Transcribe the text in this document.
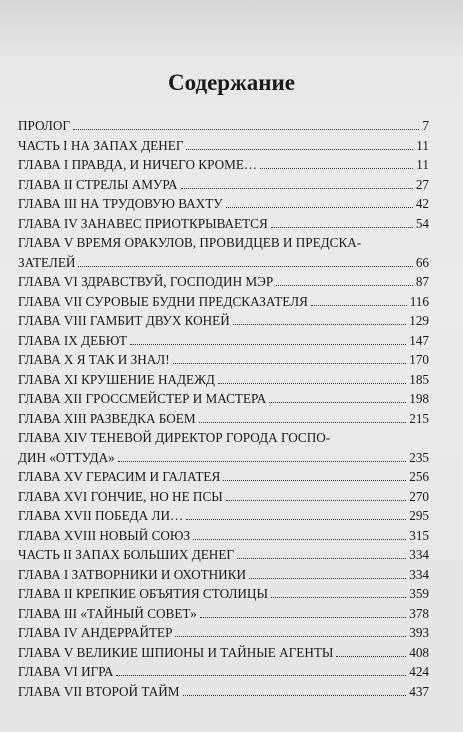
Содержание
ПРОЛОГ	7
ЧАСТЬ I НА ЗАПАХ ДЕНЕГ	11
ГЛАВА I ПРАВДА, И НИЧЕГО КРОМЕ…	11
ГЛАВА II СТРЕЛЫ АМУРА	27
ГЛАВА III НА ТРУДОВУЮ ВАХТУ	42
ГЛАВА IV ЗАНАВЕС ПРИОТКРЫВАЕТСЯ	54
ГЛАВА V ВРЕМЯ ОРАКУЛОВ, ПРОВИДЦЕВ И ПРЕДСКА-
ЗАТЕЛЕЙ	66
ГЛАВА VI ЗДРАВСТВУЙ, ГОСПОДИН МЭР	87
ГЛАВА VII СУРОВЫЕ БУДНИ ПРЕДСКАЗАТЕЛЯ	116
ГЛАВА VIII ГАМБИТ ДВУХ КОНЕЙ	129
ГЛАВА IX ДЕБЮТ	147
ГЛАВА X Я ТАК И ЗНАЛ!	170
ГЛАВА XI КРУШЕНИЕ НАДЕЖД	185
ГЛАВА XII ГРОССМЕЙСТЕР И МАСТЕРА	198
ГЛАВА XIII РАЗВЕДКА БОЕМ	215
ГЛАВА XIV ТЕНЕВОЙ ДИРЕКТОР ГОРОДА ГОСПО-
ДИН «ОТТУДА»	235
ГЛАВА XV ГЕРАСИМ И ГАЛАТЕЯ	256
ГЛАВА XVI ГОНЧИЕ, НО НЕ ПСЫ	270
ГЛАВА XVII ПОБЕДА ЛИ…	295
ГЛАВА XVIII НОВЫЙ СОЮЗ	315
ЧАСТЬ II ЗАПАХ БОЛЬШИХ ДЕНЕГ	334
ГЛАВА I ЗАТВОРНИКИ И ОХОТНИКИ	334
ГЛАВА II КРЕПКИЕ ОБЪЯТИЯ СТОЛИЦЫ	359
ГЛАВА III «ТАЙНЫЙ СОВЕТ»	378
ГЛАВА IV АНДЕРРАЙТЕР	393
ГЛАВА V ВЕЛИКИЕ ШПИОНЫ И ТАЙНЫЕ АГЕНТЫ	408
ГЛАВА VI ИГРА	424
ГЛАВА VII ВТОРОЙ ТАЙМ	437
